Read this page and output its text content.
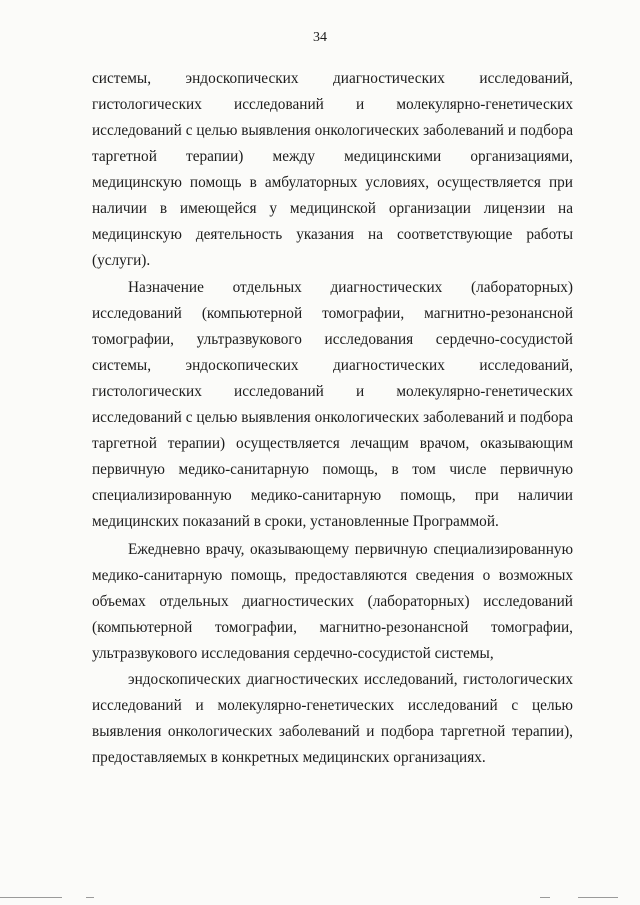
34
системы, эндоскопических диагностических исследований,
гистологических исследований и молекулярно-генетических
исследований с целью выявления онкологических заболеваний и подбора
таргетной терапии) между медицинскими организациями,
медицинскую помощь в амбулаторных условиях, осуществляется при
наличии в имеющейся у медицинской организации лицензии на
медицинскую деятельность указания на соответствующие работы
(услуги).
Назначение отдельных диагностических (лабораторных)
исследований (компьютерной томографии, магнитно-резонансной
томографии, ультразвукового исследования сердечно-сосудистой
системы, эндоскопических диагностических исследований,
гистологических исследований и молекулярно-генетических
исследований с целью выявления онкологических заболеваний и подбора
таргетной терапии) осуществляется лечащим врачом, оказывающим
первичную медико-санитарную помощь, в том числе первичную
специализированную медико-санитарную помощь, при наличии
медицинских показаний в сроки, установленные Программой.
Ежедневно врачу, оказывающему первичную специализированную
медико-санитарную помощь, предоставляются сведения о возможных
объемах отдельных диагностических (лабораторных) исследований
(компьютерной томографии, магнитно-резонансной томографии,
ультразвукового исследования сердечно-сосудистой системы,
эндоскопических диагностических исследований, гистологических
исследований и молекулярно-генетических исследований с целью
выявления онкологических заболеваний и подбора таргетной терапии),
предоставляемых в конкретных медицинских организациях.
